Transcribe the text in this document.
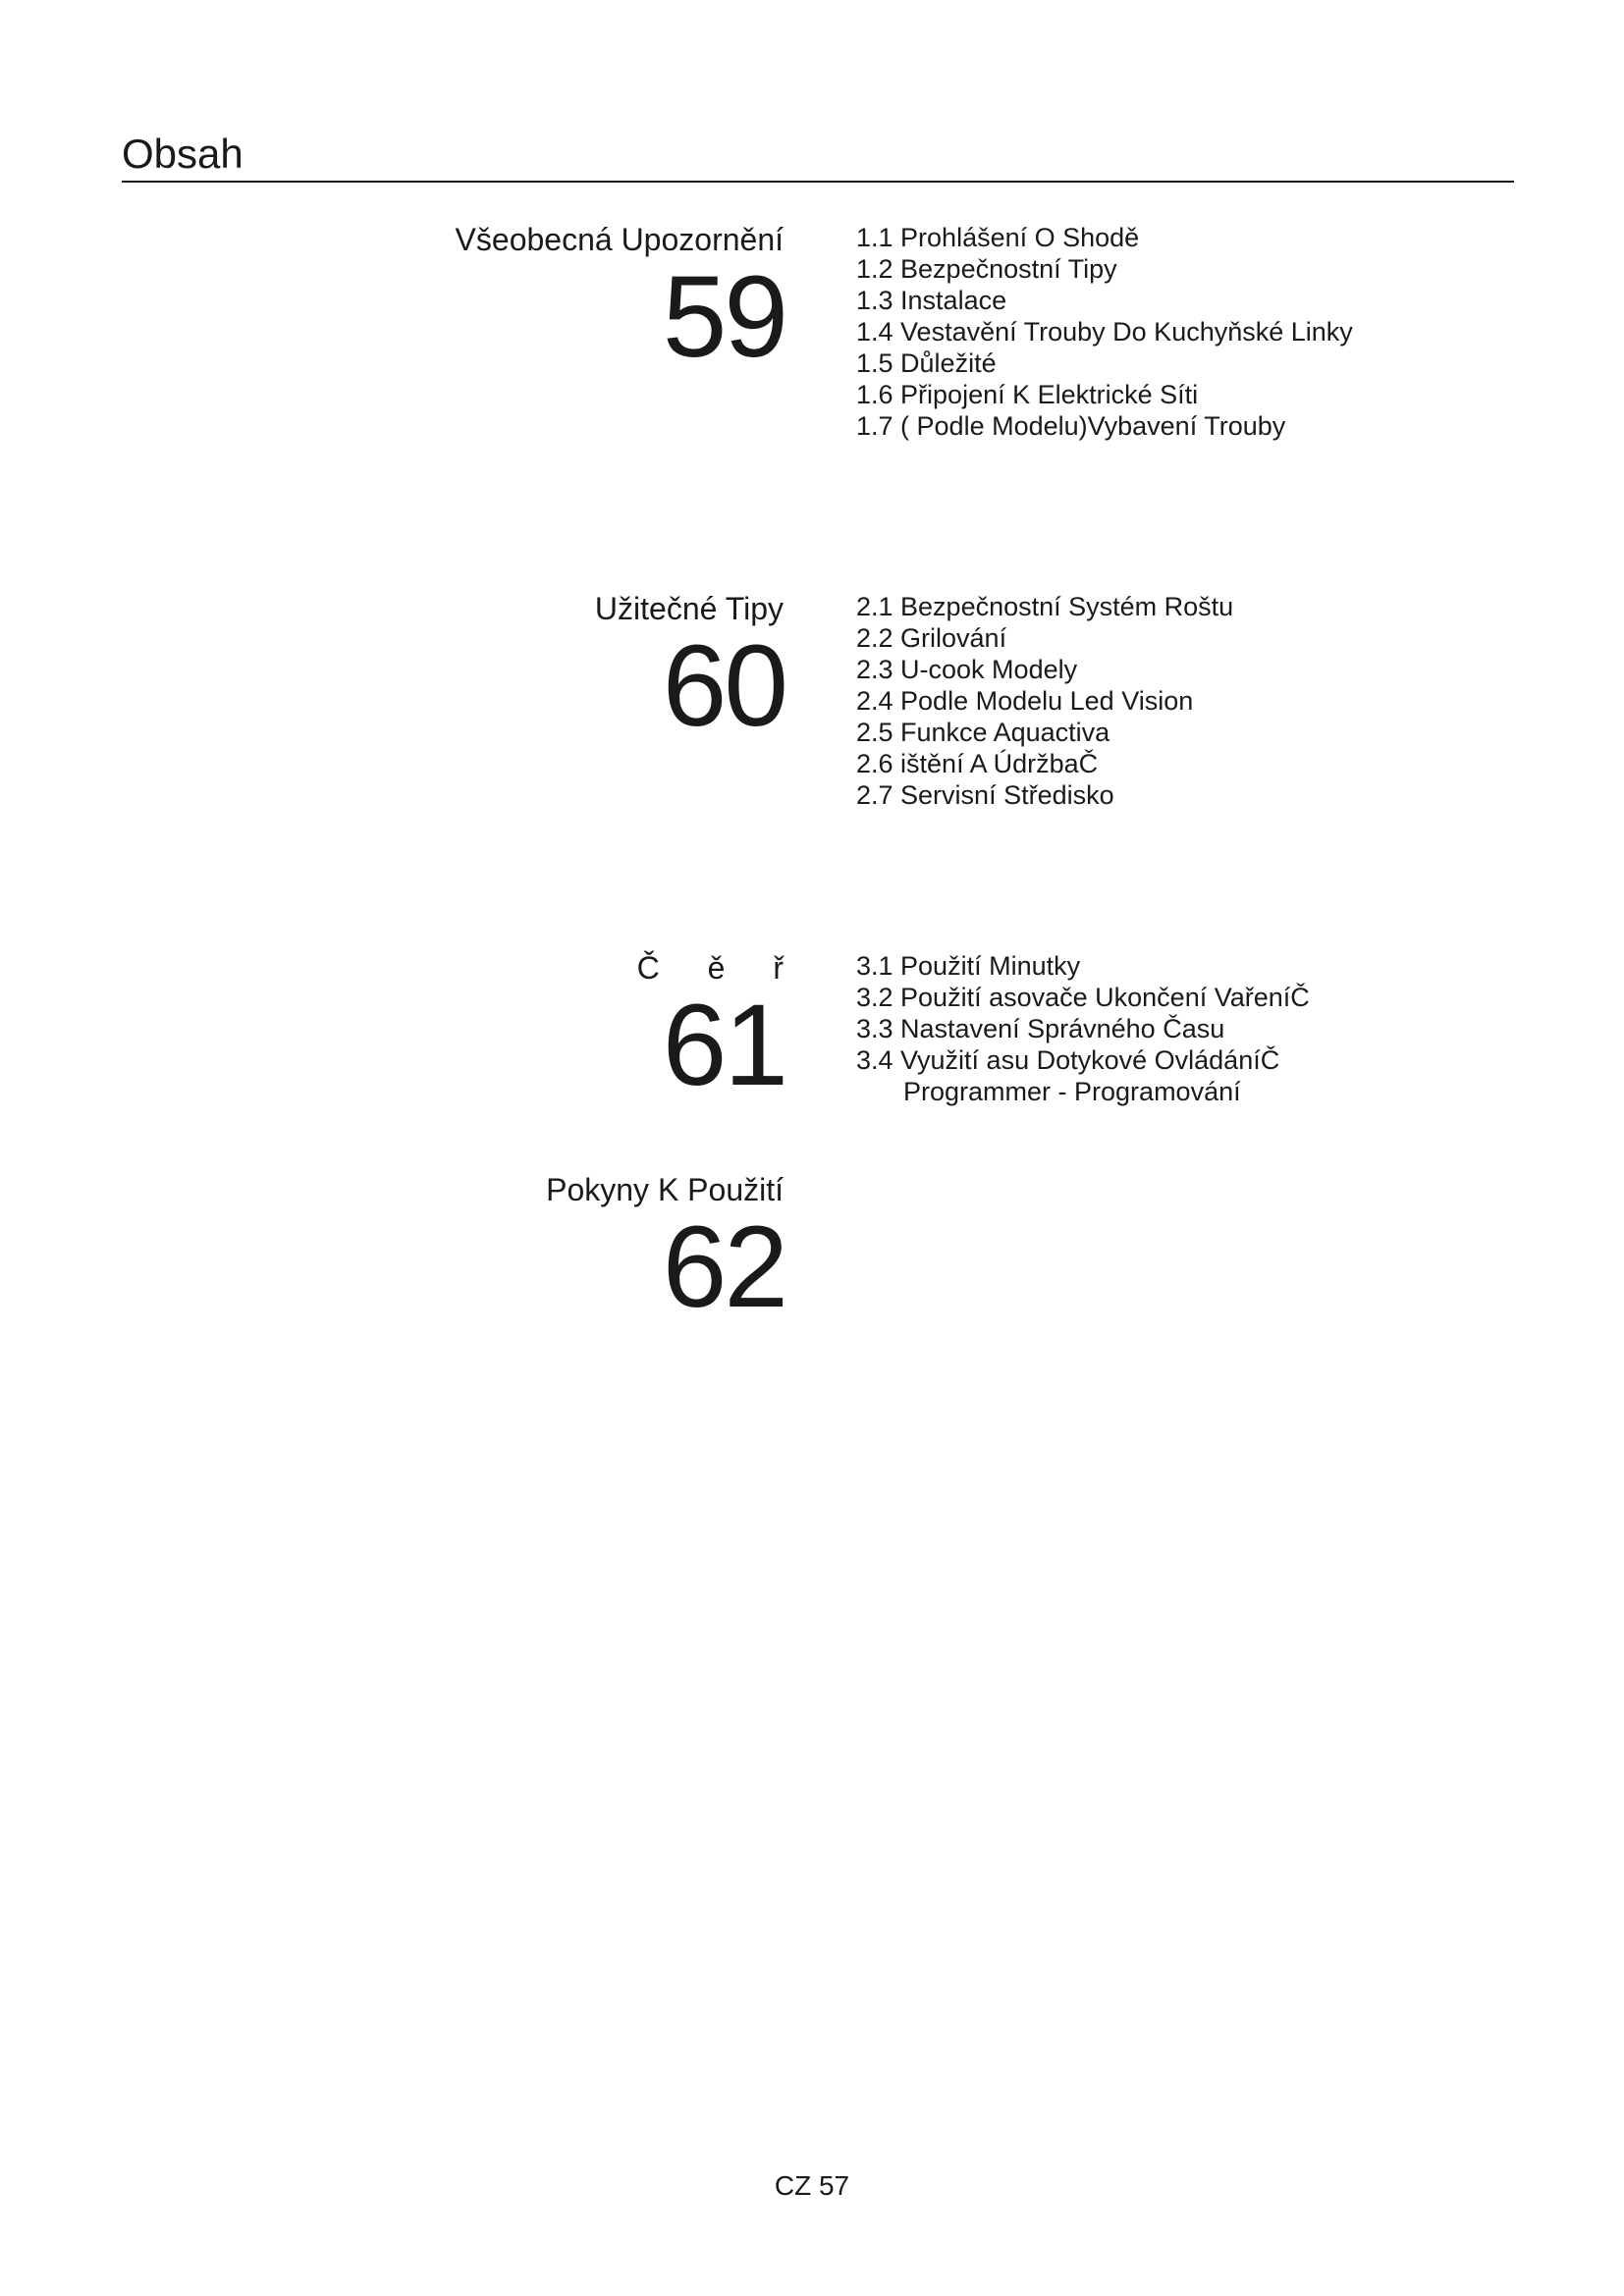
Obsah
Všeobecná Upozornění
59
1.1 Prohlášení O Shodě
1.2 Bezpečnostní Tipy
1.3 Instalace
1.4 Vestavění Trouby Do Kuchyňské Linky
1.5 Důležité
1.6 Připojení K Elektrické Síti
1.7 ( Podle Modelu)Vybavení Trouby
Užitečné Tipy
60
2.1 Bezpečnostní Systém Roštu
2.2 Grilování
2.3 U-cook Modely
2.4 Podle Modelu Led Vision
2.5 Funkce Aquactiva
2.6 ištění A ÚdržbaČ
2.7 Servisní Středisko
Č ě ř
61
3.1 Použití Minutky
3.2 Použití asovače Ukončení VařeníČ
3.3 Nastavení Správného Času
3.4 Využití asu Dotykové OvládáníČ
Programmer - Programování
Pokyny K Použití
62
CZ 57
